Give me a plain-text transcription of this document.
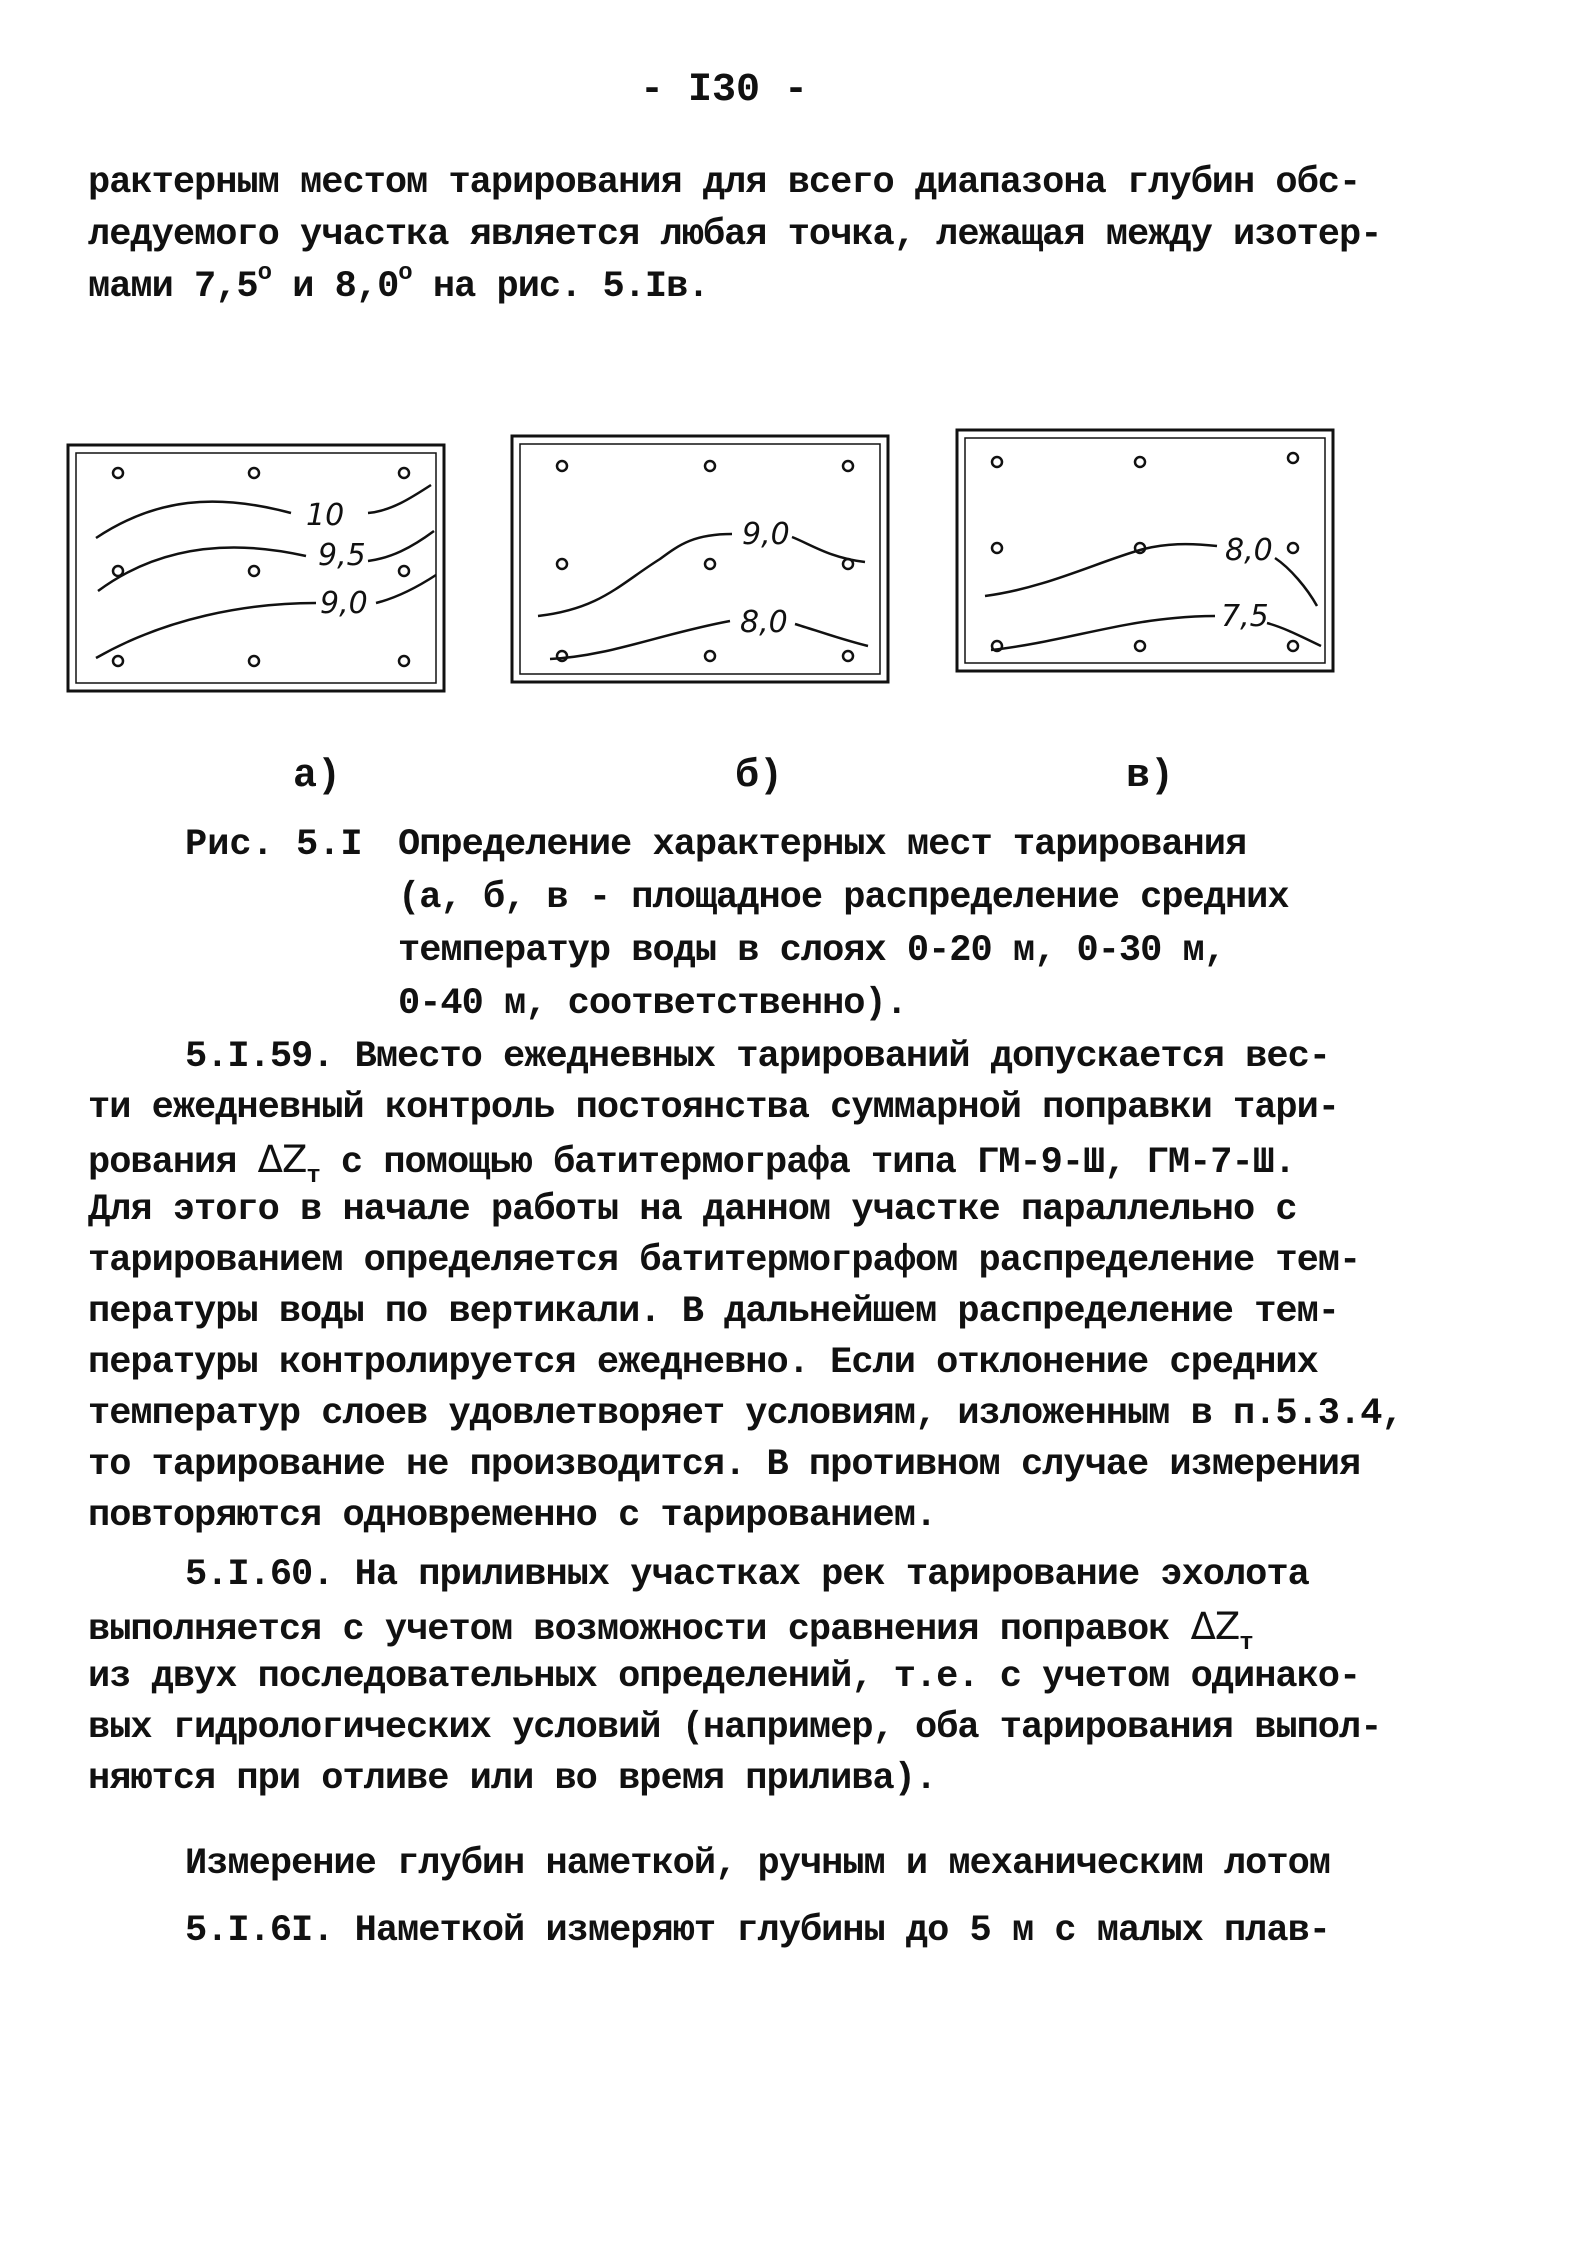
- I30 -
рактерным местом тарирования для всего диапазона глубин обс-
ледуемого участка является любая точка, лежащая между изотер-
мами $7,5^о$ и $8,0^о$ на рис. 5.Iв.
10
9,5
9,0
9,0
8,0
8,0
7,5
а)	б)	в)
Рис. 5.I Определение характерных мест тарирования
(а, б, в - площадное распределение средних
температур воды в слоях 0-20 м, 0-30 м,
0-40 м, соответственно).
5.I.59. Вместо ежедневных тарирований допускается вес-
ти ежедневный контроль постоянства суммарной поправки тари-
рования $\Delta Z_т$ с помощью батитермографа типа ГМ-9-Ш, ГМ-7-Ш.
Для этого в начале работы на данном участке параллельно с
тарированием определяется батитермографом распределение тем-
пературы воды по вертикали. В дальнейшем распределение тем-
пературы контролируется ежедневно. Если отклонение средних
температур слоев удовлетворяет условиям, изложенным в п.5.3.4,
то тарирование не производится. В противном случае измерения
повторяются одновременно с тарированием.
5.I.60. На приливных участках рек тарирование эхолота
выполняется с учетом возможности сравнения поправок $\Delta Z_т$
из двух последовательных определений, т.е. с учетом одинако-
вых гидрологических условий (например, оба тарирования выпол-
няются при отливе или во время прилива).
Измерение глубин наметкой, ручным и механическим лотом
5.I.6I. Наметкой измеряют глубины до 5 м с малых плав-
